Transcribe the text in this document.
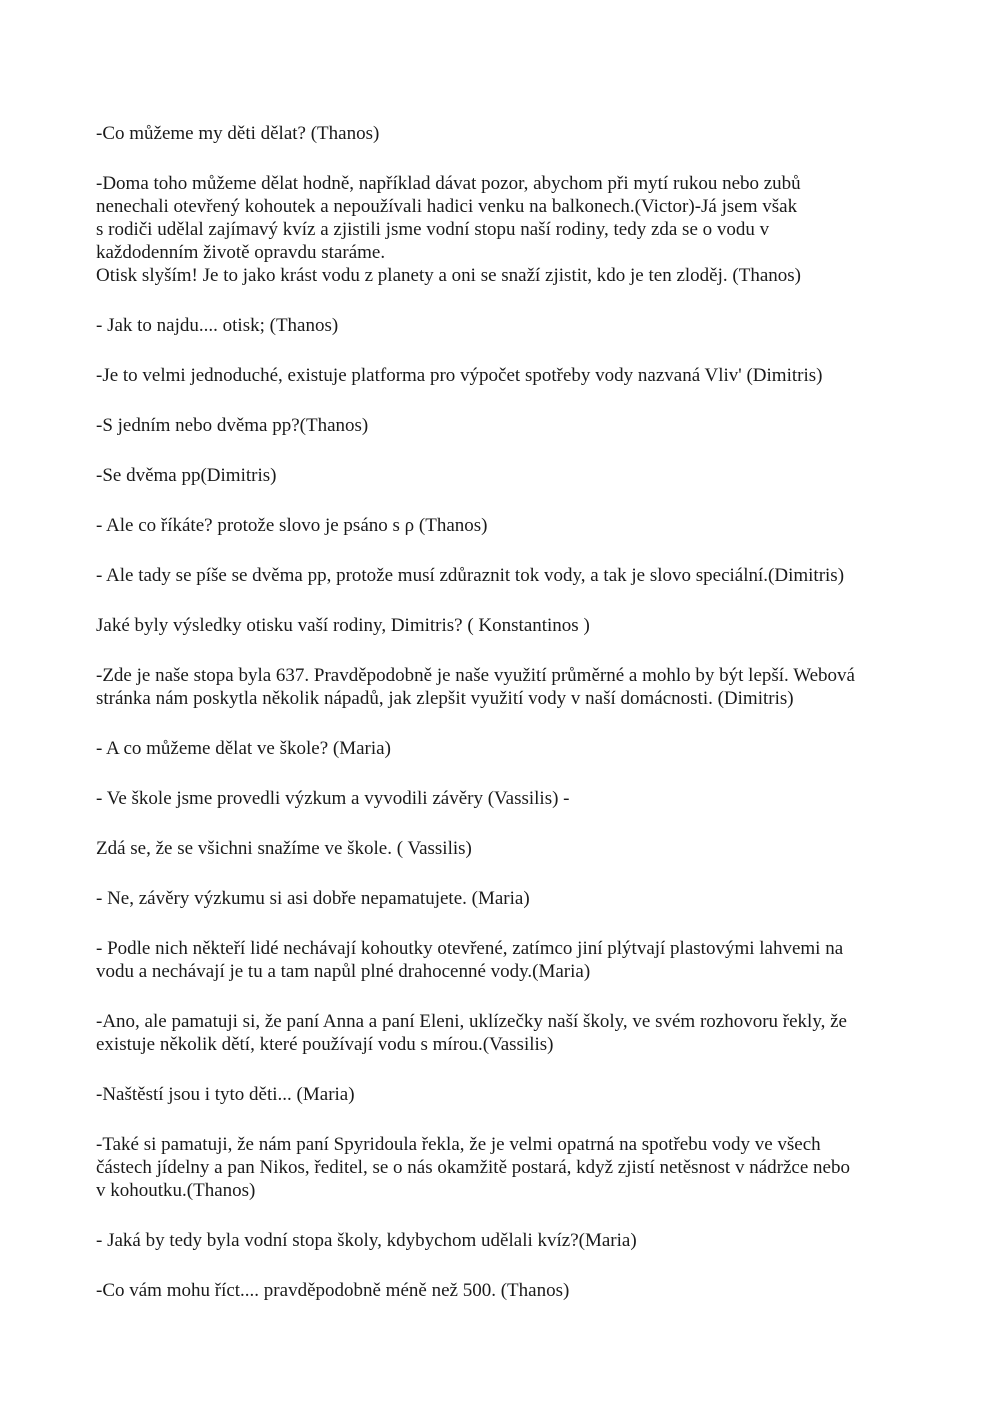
-Co můžeme my děti dělat? (Thanos)

-Doma toho můžeme dělat hodně, například dávat pozor, abychom při mytí rukou nebo zubů
nenechali otevřený kohoutek a nepoužívali hadici venku na balkonech.(Victor)-Já jsem však
s rodiči udělal zajímavý kvíz a zjistili jsme vodní stopu naší rodiny, tedy zda se o vodu v
každodenním životě opravdu staráme.
Otisk slyším! Je to jako krást vodu z planety a oni se snaží zjistit, kdo je ten zloděj. (Thanos)

- Jak to najdu.... otisk; (Thanos)

-Je to velmi jednoduché, existuje platforma pro výpočet spotřeby vody nazvaná Vliv' (Dimitris)

-S jedním nebo dvěma pp?(Thanos)

-Se dvěma pp(Dimitris)

- Ale co říkáte? protože slovo je psáno s ρ (Thanos)

- Ale tady se píše se dvěma pp, protože musí zdůraznit tok vody, a tak je slovo speciální.(Dimitris)

Jaké byly výsledky otisku vaší rodiny, Dimitris? ( Konstantinos )

-Zde je naše stopa byla 637. Pravděpodobně je naše využití průměrné a mohlo by být lepší. Webová
stránka nám poskytla několik nápadů, jak zlepšit využití vody v naší domácnosti. (Dimitris)

- A co můžeme dělat ve škole? (Maria)

- Ve škole jsme provedli výzkum a vyvodili závěry (Vassilis) -

Zdá se, že se všichni snažíme ve škole. ( Vassilis)

- Ne, závěry výzkumu si asi dobře nepamatujete. (Maria)

- Podle nich někteří lidé nechávají kohoutky otevřené, zatímco jiní plýtvají plastovými lahvemi na
vodu a nechávají je tu a tam napůl plné drahocenné vody.(Maria)

-Ano, ale pamatuji si, že paní Anna a paní Eleni, uklízečky naší školy, ve svém rozhovoru řekly, že
existuje několik dětí, které používají vodu s mírou.(Vassilis)

-Naštěstí jsou i tyto děti... (Maria)

-Také si pamatuji, že nám paní Spyridoula řekla, že je velmi opatrná na spotřebu vody ve všech
částech jídelny a pan Nikos, ředitel, se o nás okamžitě postará, když zjistí netěsnost v nádržce nebo
v kohoutku.(Thanos)

- Jaká by tedy byla vodní stopa školy, kdybychom udělali kvíz?(Maria)

-Co vám mohu říct.... pravděpodobně méně než 500. (Thanos)
